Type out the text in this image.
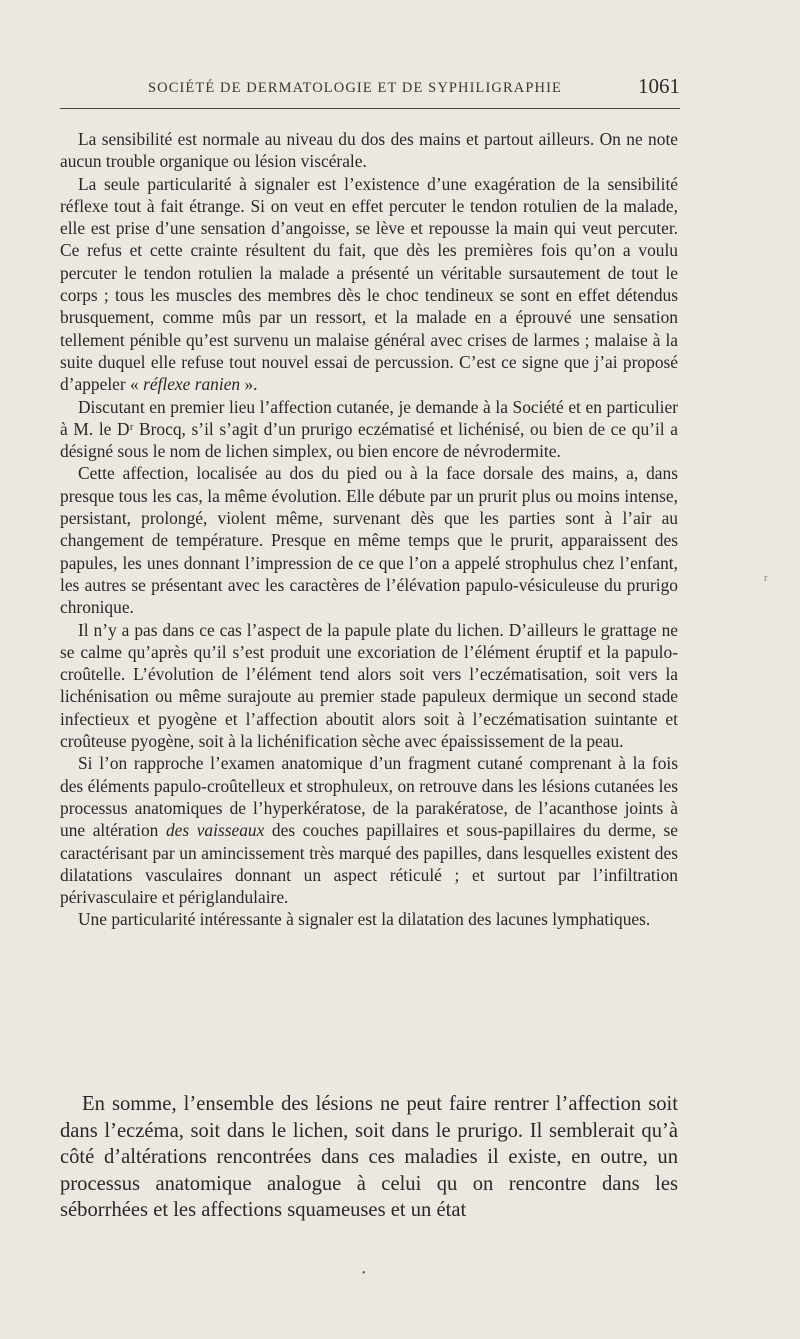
SOCIÉTÉ DE DERMATOLOGIE ET DE SYPHILIGRAPHIE	1061

La sensibilité est normale au niveau du dos des mains et partout ailleurs. On ne note aucun trouble organique ou lésion viscérale.

La seule particularité à signaler est l’existence d’une exagération de la sensibilité réflexe tout à fait étrange. Si on veut en effet percuter le tendon rotulien de la malade, elle est prise d’une sensation d’angoisse, se lève et repousse la main qui veut percuter. Ce refus et cette crainte résultent du fait, que dès les premières fois qu’on a voulu percuter le tendon rotulien la malade a présenté un véritable sursautement de tout le corps ; tous les muscles des membres dès le choc tendineux se sont en effet détendus brusquement, comme mûs par un ressort, et la malade en a éprouvé une sensation tellement pénible qu’est survenu un malaise général avec crises de larmes ; malaise à la suite duquel elle refuse tout nouvel essai de percussion. C’est ce signe que j’ai proposé d’appeler « réflexe ranien ».

Discutant en premier lieu l’affection cutanée, je demande à la Société et en particulier à M. le Dʳ Brocq, s’il s’agit d’un prurigo eczématisé et lichénisé, ou bien de ce qu’il a désigné sous le nom de lichen simplex, ou bien encore de névrodermite.

Cette affection, localisée au dos du pied ou à la face dorsale des mains, a, dans presque tous les cas, la même évolution. Elle débute par un prurit plus ou moins intense, persistant, prolongé, violent même, survenant dès que les parties sont à l’air au changement de température. Presque en même temps que le prurit, apparaissent des papules, les unes donnant l’impression de ce que l’on a appelé strophulus chez l’enfant, les autres se présentant avec les caractères de l’élévation papulo-vésiculeuse du prurigo chronique.

Il n’y a pas dans ce cas l’aspect de la papule plate du lichen. D’ailleurs le grattage ne se calme qu’après qu’il s’est produit une excoriation de l’élément éruptif et la papulo-croûtelle. L’évolution de l’élément tend alors soit vers l’eczématisation, soit vers la lichénisation ou même surajoute au premier stade papuleux dermique un second stade infectieux et pyogène et l’affection aboutit alors soit à l’eczématisation suintante et croûteuse pyogène, soit à la lichénification sèche avec épaississement de la peau.

Si l’on rapproche l’examen anatomique d’un fragment cutané comprenant à la fois des éléments papulo-croûtelleux et strophuleux, on retrouve dans les lésions cutanées les processus anatomiques de l’hyperkératose, de la parakératose, de l’acanthose joints à une altération des vaisseaux des couches papillaires et sous-papillaires du derme, se caractérisant par un amincissement très marqué des papilles, dans lesquelles existent des dilatations vasculaires donnant un aspect réticulé ; et surtout par l’infiltration périvasculaire et périglandulaire.

Une particularité intéressante à signaler est la dilatation des lacunes lymphatiques.

En somme, l’ensemble des lésions ne peut faire rentrer l’affection soit dans l’eczéma, soit dans le lichen, soit dans le prurigo. Il semblerait qu’à côté d’altérations rencontrées dans ces maladies il existe, en outre, un processus anatomique analogue à celui qu on rencontre dans les séborrhées et les affections squameuses et un état

r
•
